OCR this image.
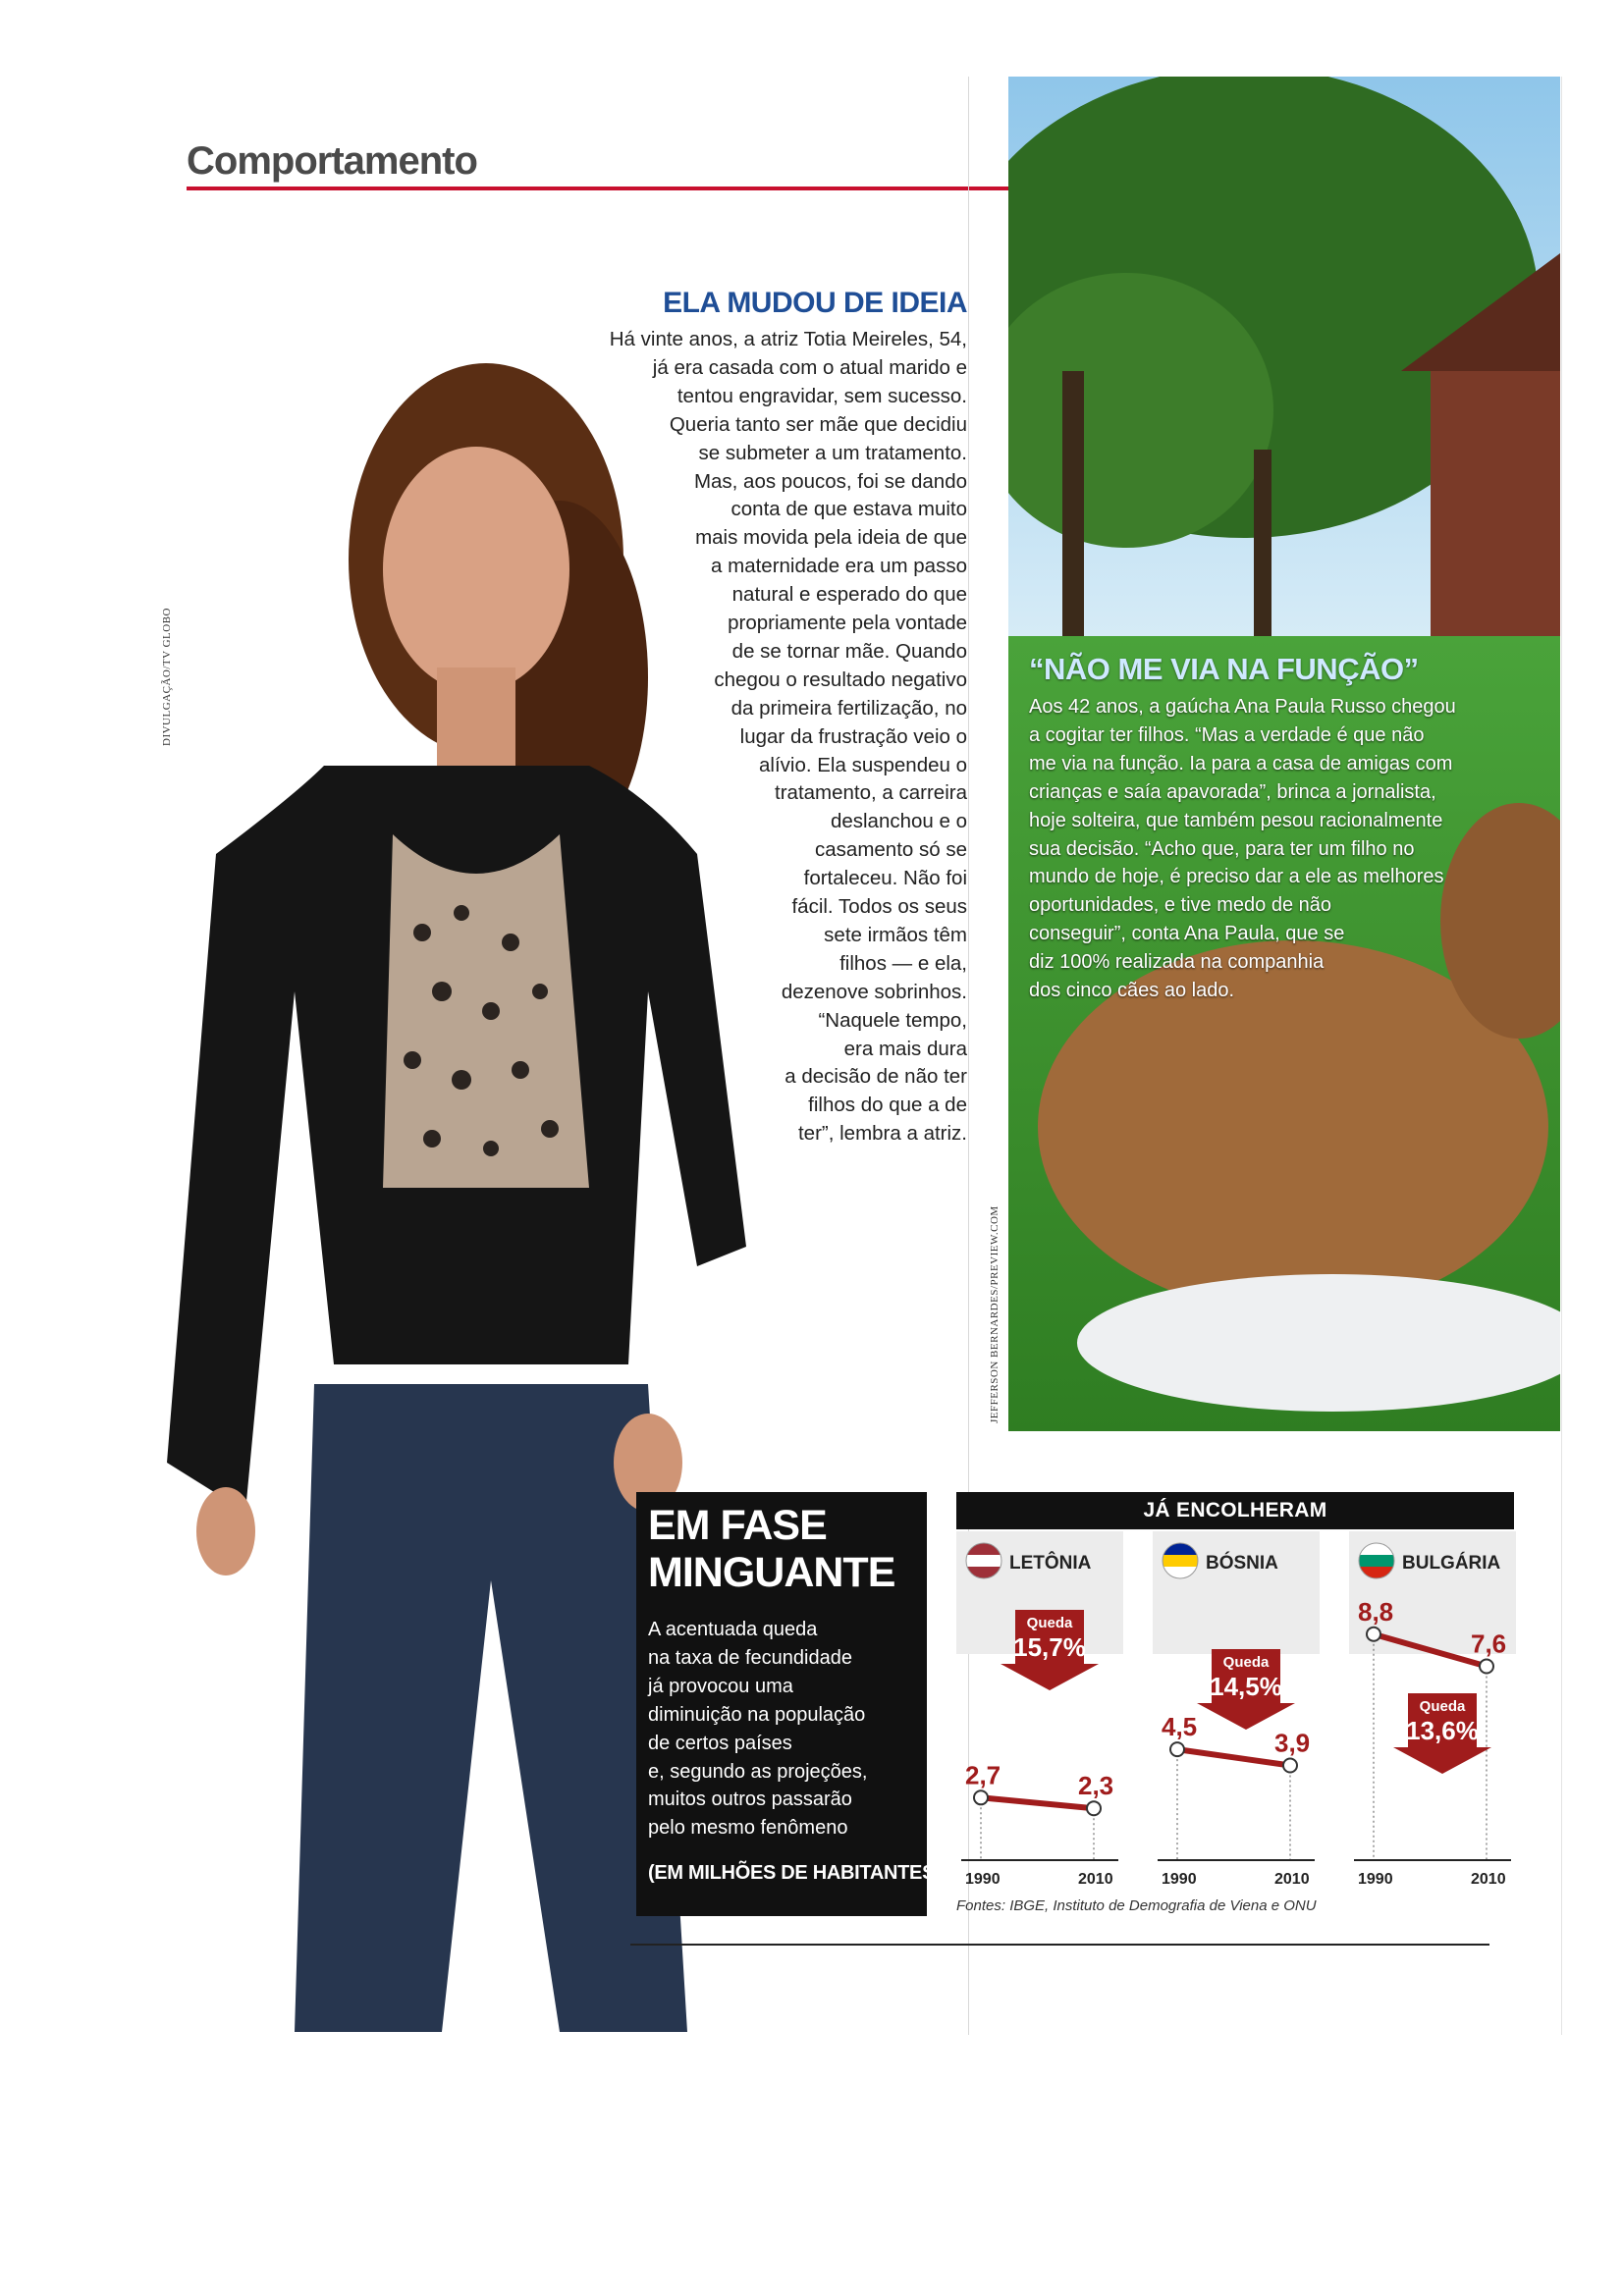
Comportamento
DIVULGAÇÃO/TV GLOBO
ELA MUDOU DE IDEIA
Há vinte anos, a atriz Totia Meireles, 54,
já era casada com o atual marido e
tentou engravidar, sem sucesso.
Queria tanto ser mãe que decidiu
se submeter a um tratamento.
Mas, aos poucos, foi se dando
conta de que estava muito
mais movida pela ideia de que
a maternidade era um passo
natural e esperado do que
propriamente pela vontade
de se tornar mãe. Quando
chegou o resultado negativo
da primeira fertilização, no
lugar da frustração veio o
alívio. Ela suspendeu o
tratamento, a carreira
deslanchou e o
casamento só se
fortaleceu. Não foi
fácil. Todos os seus
sete irmãos têm
filhos — e ela,
dezenove sobrinhos.
“Naquele tempo,
era mais dura
a decisão de não ter
filhos do que a de
ter”, lembra a atriz.
JEFFERSON BERNARDES/PREVIEW.COM
“NÃO ME VIA NA FUNÇÃO”
Aos 42 anos, a gaúcha Ana Paula Russo chegou
a cogitar ter filhos. “Mas a verdade é que não
me via na função. Ia para a casa de amigas com
crianças e saía apavorada”, brinca a jornalista,
hoje solteira, que também pesou racionalmente
sua decisão. “Acho que, para ter um filho no
mundo de hoje, é preciso dar a ele as melhores
oportunidades, e tive medo de não
conseguir”, conta Ana Paula, que se
diz 100% realizada na companhia
dos cinco cães ao lado.
EM FASE
MINGUANTE
A acentuada queda
na taxa de fecundidade
já provocou uma
diminuição na população
de certos países
e, segundo as projeções,
muitos outros passarão
pelo mesmo fenômeno
(EM MILHÕES DE HABITANTES)
JÁ ENCOLHERAM
LETÔNIA
2,7	2,3
1990	2010
Queda
15,7%
BÓSNIA
4,5
3,9
1990	2010
Queda
14,5%
BULGÁRIA
8,8
7,6
1990	2010
Queda
13,6%
Fontes: IBGE, Instituto de Demografia de Viena e ONU
